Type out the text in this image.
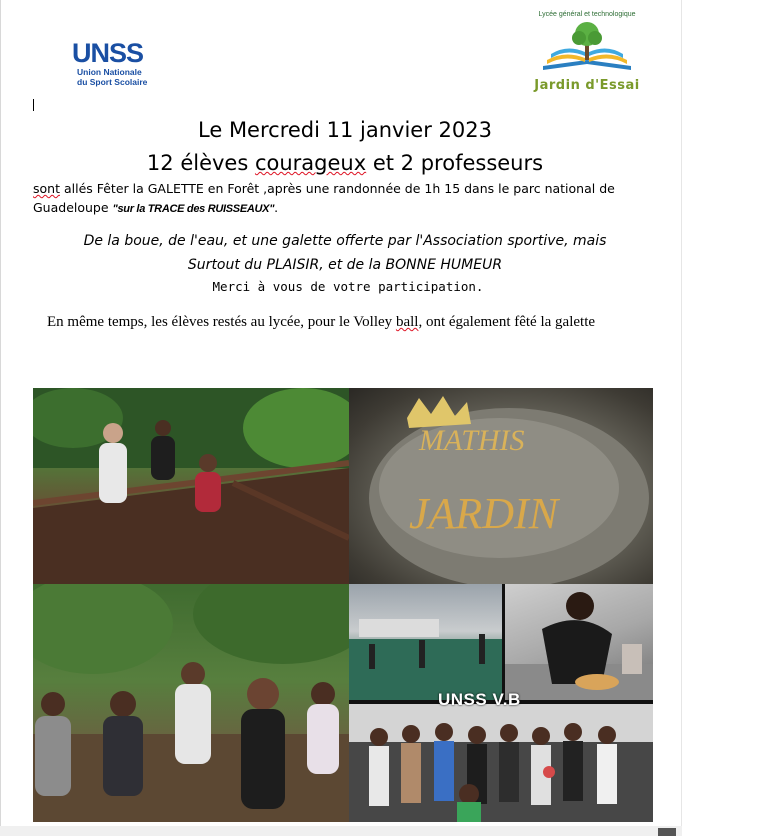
UNSS
Union Nationale
du Sport Scolaire
Lycée général et technologique
Jardin d'Essai
Le Mercredi 11 janvier 2023
12 élèves courageux et 2 professeurs
sont allés Fêter la GALETTE en Forêt ,après une randonnée de 1h 15 dans le parc national de
Guadeloupe "sur la TRACE des RUISSEAUX".
De la boue, de l'eau, et une galette offerte par l'Association sportive, mais
Surtout du PLAISIR, et de la BONNE HUMEUR
Merci à vous de votre participation.
En même temps, les élèves restés au lycée, pour le Volley ball, ont également fêté la galette
MATHIS
JARDIN
UNSS V.B
